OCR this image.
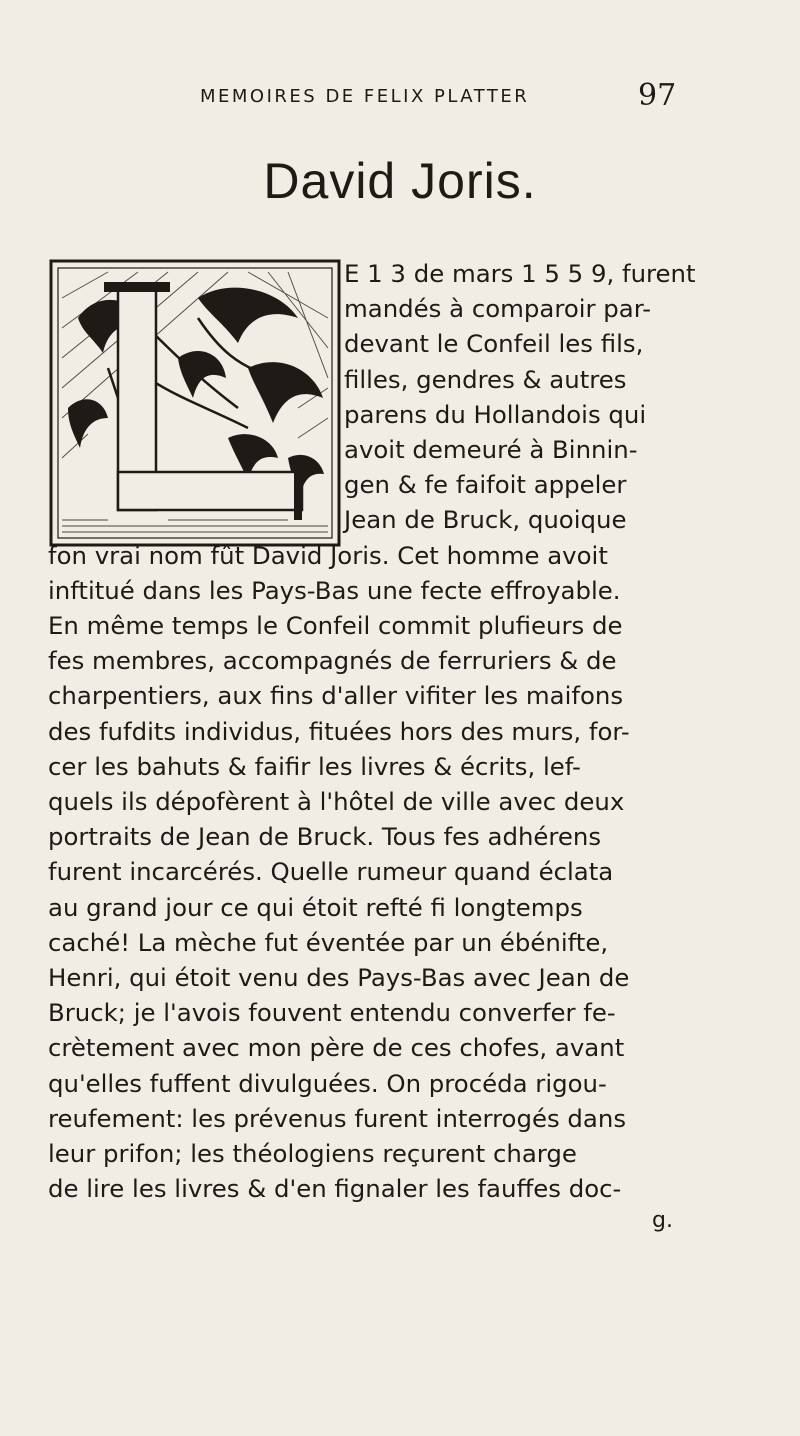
MEMOIRES DE FELIX PLATTER	97
David Joris.
E 1 3 de mars 1 5 5 9, furent
mandés à comparoir par-
devant le Confeil les fils,
filles, gendres & autres
parens du Hollandois qui
avoit demeuré à Binnin-
gen & fe faifoit appeler
Jean de Bruck, quoique
fon vrai nom fût David Joris. Cet homme avoit
inftitué dans les Pays-Bas une fecte effroyable.
En même temps le Confeil commit plufieurs de
fes membres, accompagnés de ferruriers & de
charpentiers, aux fins d'aller vifiter les maifons
des fufdits individus, fituées hors des murs, for-
cer les bahuts & faifir les livres & écrits, lef-
quels ils dépofèrent à l'hôtel de ville avec deux
portraits de Jean de Bruck. Tous fes adhérens
furent incarcérés. Quelle rumeur quand éclata
au grand jour ce qui étoit refté fi longtemps
caché! La mèche fut éventée par un ébénifte,
Henri, qui étoit venu des Pays-Bas avec Jean de
Bruck; je l'avois fouvent entendu converfer fe-
crètement avec mon père de ces chofes, avant
qu'elles fuffent divulguées. On procéda rigou-
reufement: les prévenus furent interrogés dans
leur prifon; les théologiens reçurent charge
de lire les livres & d'en fignaler les fauffes doc-
g.
